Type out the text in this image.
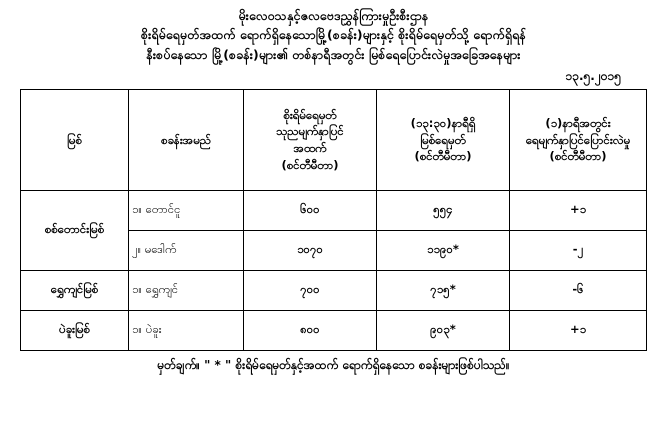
မိုးလေဝသနှင့်ဇလဗေဒညွှန်ကြားမှုဦးစီးဌာန
စိုးရိမ်ရေမှတ်အထက် ရောက်ရှိနေသောမြို့(စခန်း)များနှင့် စိုးရိမ်ရေမှတ်သို့ ရောက်ရှိရန်
နီးစပ်နေသော မြို့(စခန်း)များ၏ တစ်နာရီအတွင်း မြစ်ရေပြောင်းလဲမှုအခြေအနေများ
၁၃.၅.၂၀၁၅
မြစ်	စခန်းအမည်	စိုးရိမ်ရေမှတ်
သုညမျက်နှာပြင်
အထက်
(စင်တီမီတာ)	(၁၃:၃၀)နာရီရှိ
မြစ်ရေမှတ်
(စင်တီမီတာ)	(၁)နာရီအတွင်း
ရေမျက်နှာပြင်ပြောင်းလဲမှု
(စင်တီမီတာ)

စစ်တောင်းမြစ်	၁။ တောင်ငူ	၆၀၀	၅၅၄	+၁
	၂။ မဒေါက်	၁၀၇၀	၁၁၉၀*	-၂
ရွှေကျင်မြစ်	၁။ ရွှေကျင်	၇၀၀	၇၁၅*	-၆
ပဲခူးမြစ်	၁။ ပဲခူး	၈၀၀	၉၀၃*	+၁
မှတ်ချက်။ " * " စိုးရိမ်ရေမှတ်နှင့်အထက် ရောက်ရှိနေသော စခန်းများဖြစ်ပါသည်။
